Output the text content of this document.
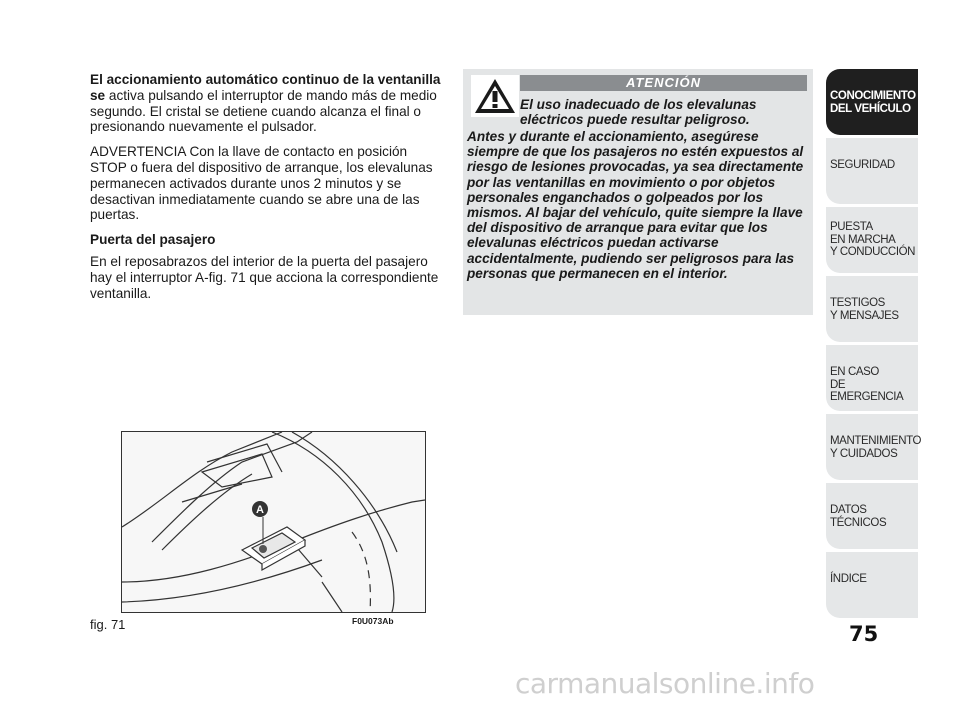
El accionamiento automático continuo de la ventanilla se activa pulsando el interruptor de mando más de medio segundo. El cristal se detiene cuando alcanza el final o presionando nuevamente el pulsador.

ADVERTENCIA Con la llave de contacto en posición STOP o fuera del dispositivo de arranque, los elevalunas permanecen activados durante unos 2 minutos y se desactivan inmediatamente cuando se abre una de las puertas.

Puerta del pasajero

En el reposabrazos del interior de la puerta del pasajero hay el interruptor A-fig. 71 que acciona la correspondiente ventanilla.

ATENCIÓN
El uso inadecuado de los elevalunas eléctricos puede resultar peligroso.
Antes y durante el accionamiento, asegúrese siempre de que los pasajeros no estén expuestos al riesgo de lesiones provocadas, ya sea directamente por las ventanillas en movimiento o por objetos personales enganchados o golpeados por los mismos. Al bajar del vehículo, quite siempre la llave del dispositivo de arranque para evitar que los elevalunas eléctricos puedan activarse accidentalmente, pudiendo ser peligrosos para las personas que permanecen en el interior.
A
fig. 71	F0U073Ab
CONOCIMIENTO
DEL VEHÍCULO
SEGURIDAD
PUESTA
EN MARCHA
Y CONDUCCIÓN
TESTIGOS
Y MENSAJES
EN CASO
DE EMERGENCIA
MANTENIMIENTO
Y CUIDADOS
DATOS TÉCNICOS
ÍNDICE
75
carmanualsonline.info
